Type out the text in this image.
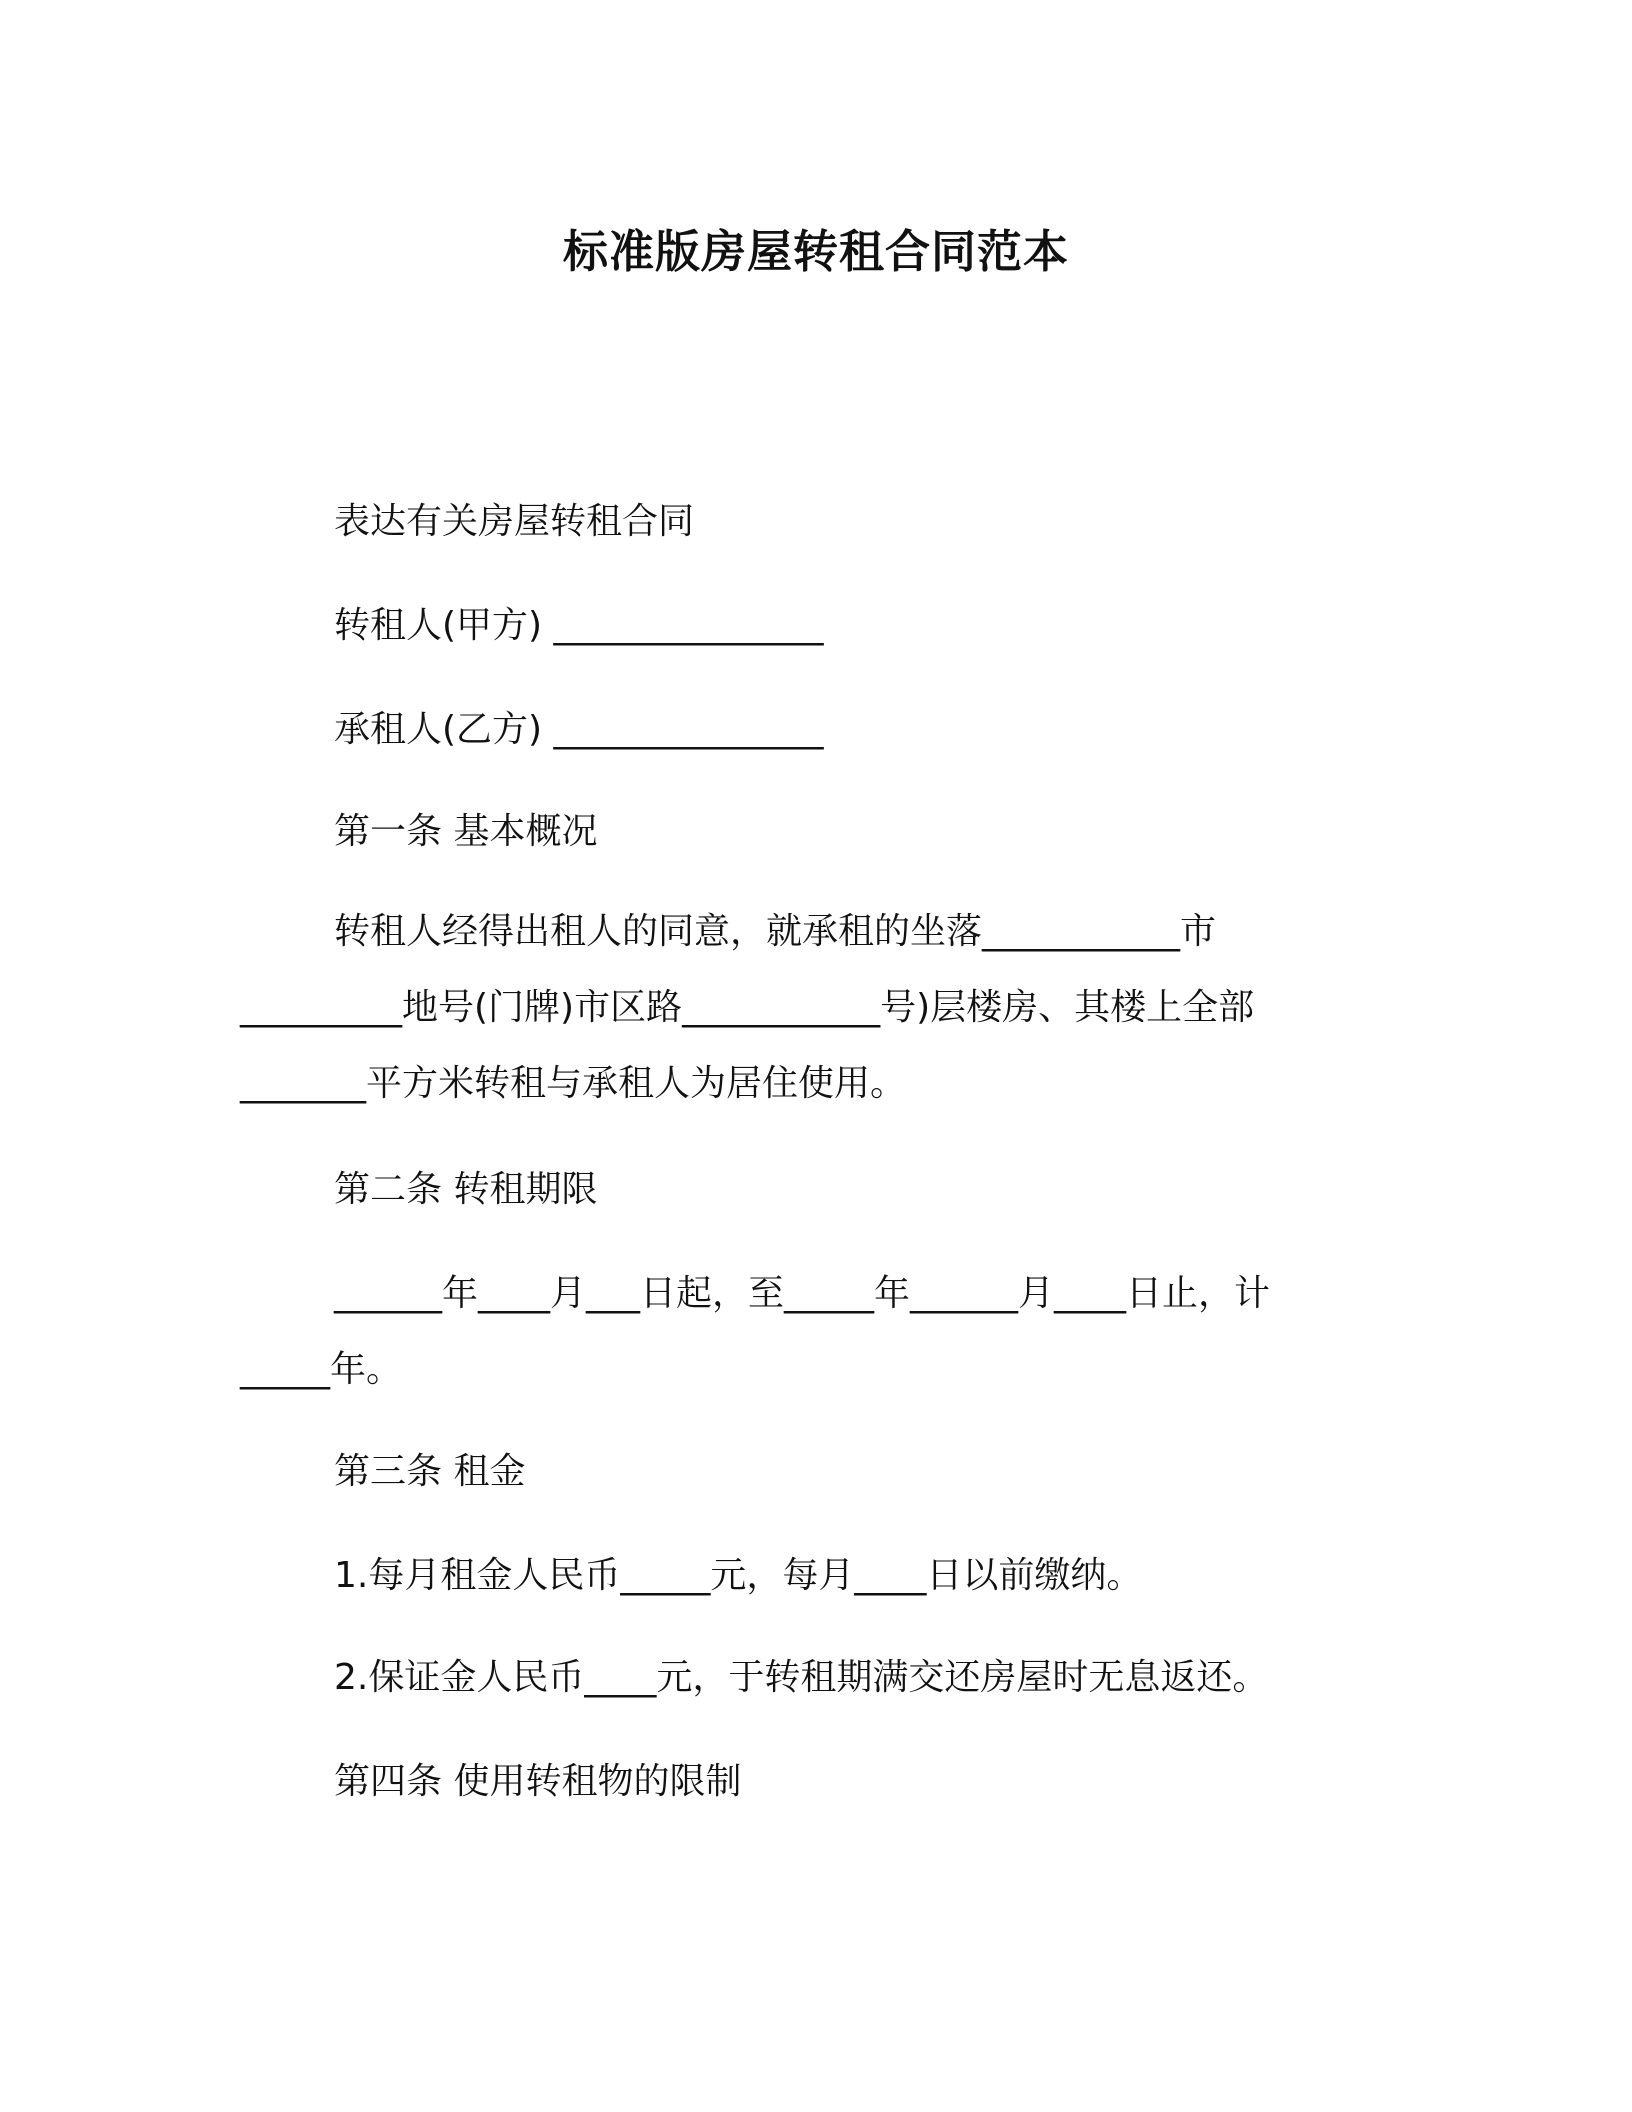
标准版房屋转租合同范本
表达有关房屋转租合同
转租人(甲方) _______________
承租人(乙方) _______________
第一条 基本概况
转租人经得出租人的同意，就承租的坐落___________市
_________地号(门牌)市区路___________号)层楼房、其楼上全部
_______平方米转租与承租人为居住使用。
第二条 转租期限
______年____月___日起，至_____年______月____日止，计
_____年。
第三条 租金
1.每月租金人民币_____元，每月____日以前缴纳。
2.保证金人民币____元，于转租期满交还房屋时无息返还。
第四条 使用转租物的限制
